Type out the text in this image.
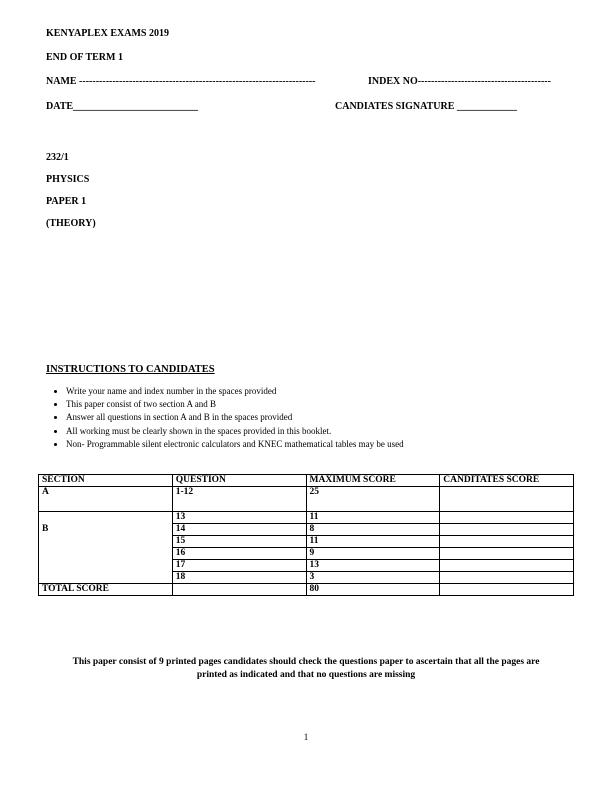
KENYAPLEX EXAMS 2019
END OF TERM 1
NAME -----------------------------------------------------------------------	INDEX NO----------------------------------------
DATE_________________________	CANDIATES SIGNATURE ____________
232/1
PHYSICS
PAPER 1
(THEORY)
INSTRUCTIONS TO CANDIDATES
• Write your name and index number in the spaces provided
• This paper consist of two section A and B
• Answer all questions in section A and B in the spaces provided
• All working must be clearly shown in the spaces provided in this booklet.
• Non- Programmable silent electronic calculators and KNEC mathematical tables may be used
SECTION	QUESTION	MAXIMUM SCORE	CANDITATES SCORE
A	1-12	25	
B	13	11	
	14	8	
	15	11	
	16	9	
	17	13	
	18	3	
TOTAL SCORE		80	
This paper consist of 9 printed pages candidates should check the questions paper to ascertain that all the pages are printed as indicated and that no questions are missing
1
